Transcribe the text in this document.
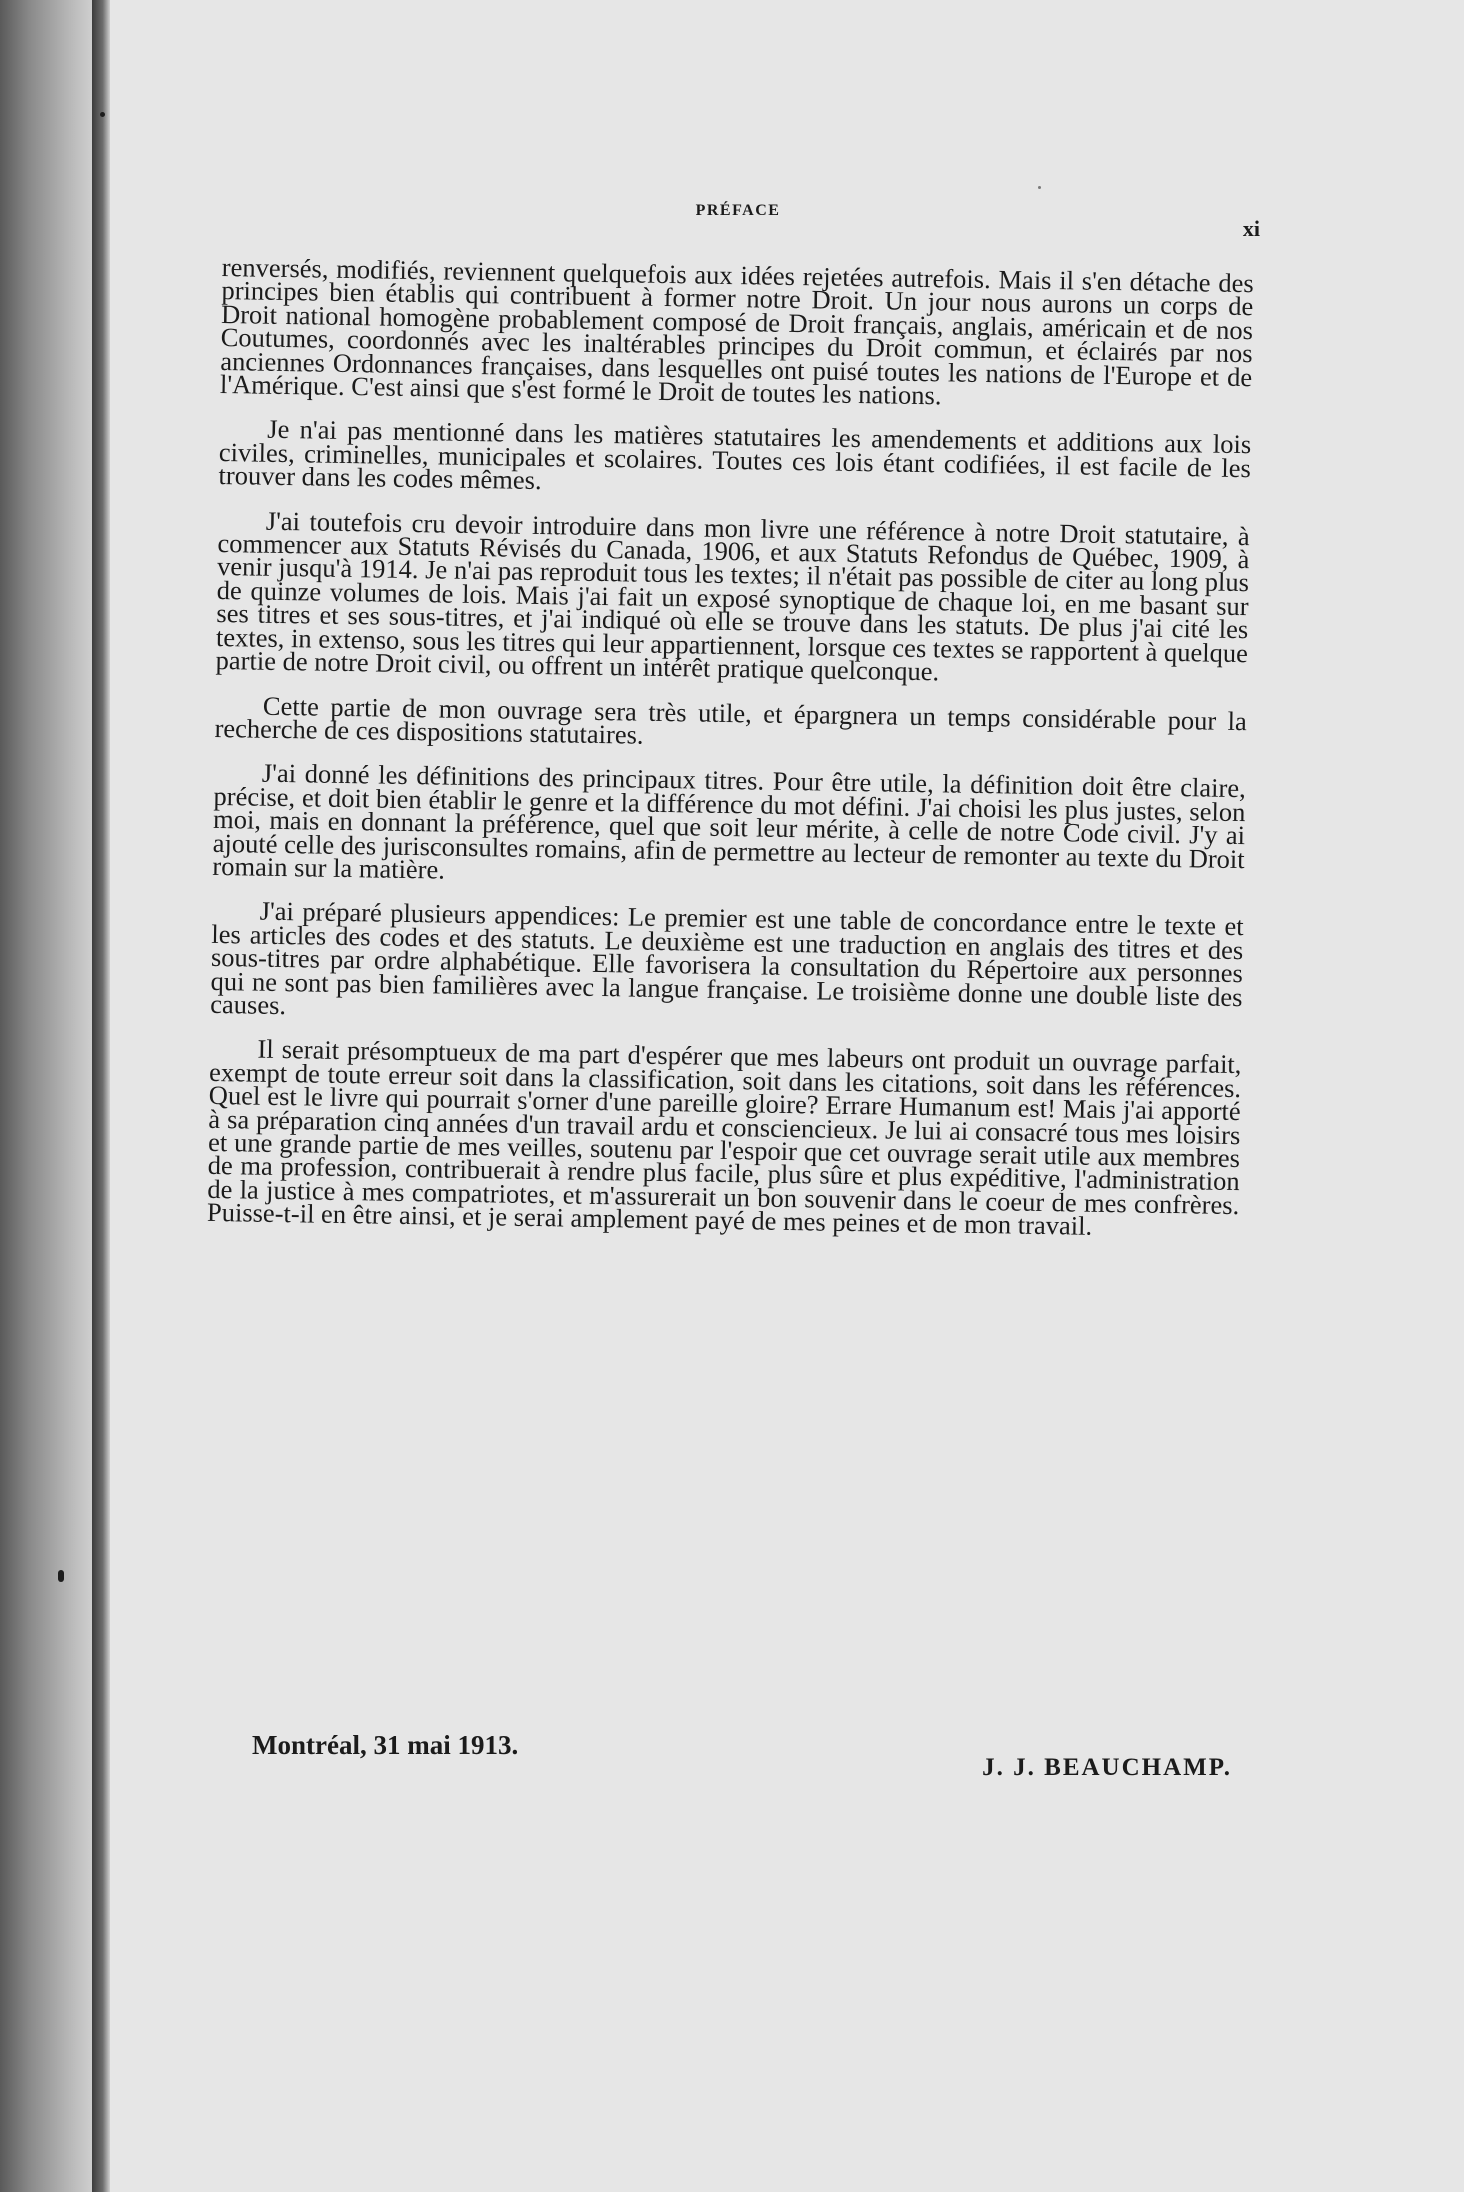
PRÉFACE
xi

renversés, modifiés, reviennent quelquefois aux idées rejetées autrefois. Mais il s'en détache des principes bien établis qui contribuent à former notre Droit. Un jour nous aurons un corps de Droit national homogène probablement composé de Droit français, anglais, américain et de nos Coutumes, coordonnés avec les inaltérables principes du Droit commun, et éclairés par nos anciennes Ordonnances françaises, dans lesquelles ont puisé toutes les nations de l'Europe et de l'Amérique. C'est ainsi que s'est formé le Droit de toutes les nations.

Je n'ai pas mentionné dans les matières statutaires les amendements et additions aux lois civiles, criminelles, municipales et scolaires. Toutes ces lois étant codifiées, il est facile de les trouver dans les codes mêmes.

J'ai toutefois cru devoir introduire dans mon livre une référence à notre Droit statutaire, à commencer aux Statuts Révisés du Canada, 1906, et aux Statuts Refondus de Québec, 1909, à venir jusqu'à 1914. Je n'ai pas reproduit tous les textes; il n'était pas possible de citer au long plus de quinze volumes de lois. Mais j'ai fait un exposé synoptique de chaque loi, en me basant sur ses titres et ses sous-titres, et j'ai indiqué où elle se trouve dans les statuts. De plus j'ai cité les textes, in extenso, sous les titres qui leur appartiennent, lorsque ces textes se rapportent à quelque partie de notre Droit civil, ou offrent un intérêt pratique quelconque.

Cette partie de mon ouvrage sera très utile, et épargnera un temps considérable pour la recherche de ces dispositions statutaires.

J'ai donné les définitions des principaux titres. Pour être utile, la définition doit être claire, précise, et doit bien établir le genre et la différence du mot défini. J'ai choisi les plus justes, selon moi, mais en donnant la préférence, quel que soit leur mérite, à celle de notre Code civil. J'y ai ajouté celle des jurisconsultes romains, afin de permettre au lecteur de remonter au texte du Droit romain sur la matière.

J'ai préparé plusieurs appendices: Le premier est une table de concordance entre le texte et les articles des codes et des statuts. Le deuxième est une traduction en anglais des titres et des sous-titres par ordre alphabétique. Elle favorisera la consultation du Répertoire aux personnes qui ne sont pas bien familières avec la langue française. Le troisième donne une double liste des causes.

Il serait présomptueux de ma part d'espérer que mes labeurs ont produit un ouvrage parfait, exempt de toute erreur soit dans la classification, soit dans les citations, soit dans les références. Quel est le livre qui pourrait s'orner d'une pareille gloire? Errare Humanum est! Mais j'ai apporté à sa préparation cinq années d'un travail ardu et consciencieux. Je lui ai consacré tous mes loisirs et une grande partie de mes veilles, soutenu par l'espoir que cet ouvrage serait utile aux membres de ma profession, contribuerait à rendre plus facile, plus sûre et plus expéditive, l'administration de la justice à mes compatriotes, et m'assurerait un bon souvenir dans le coeur de mes confrères. Puisse-t-il en être ainsi, et je serai amplement payé de mes peines et de mon travail.

Montréal, 31 mai 1913.
J. J. BEAUCHAMP.
